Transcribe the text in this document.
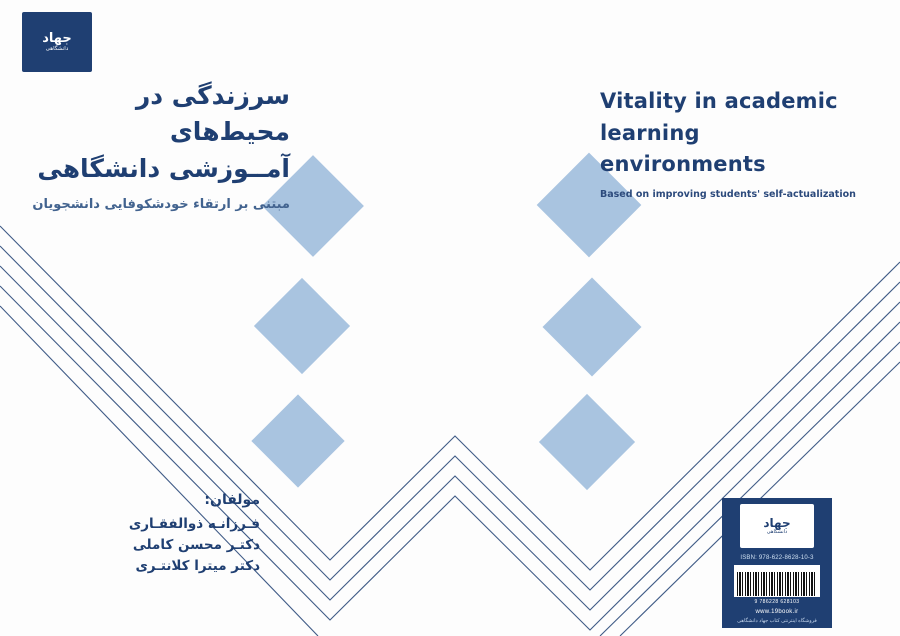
جهاد
دانشگاهی
سرزندگی در محیط‌های
آمــوزشی دانشگاهی
مبتنی بر ارتقاء خودشکوفایی دانشجویان
Vitality in academic
learning environments
Based on improving students' self-actualization
مولفان:
فـرزانـه ذوالفقـاری
دکتـر محسن کاملی
دکتر میترا کلانتـری
جهاد
دانشگاهی
ISBN: 978-622-8628-10-3
9 786228 628103
www.19book.ir
فروشگاه اینترنتی کتاب جهاد دانشگاهی
